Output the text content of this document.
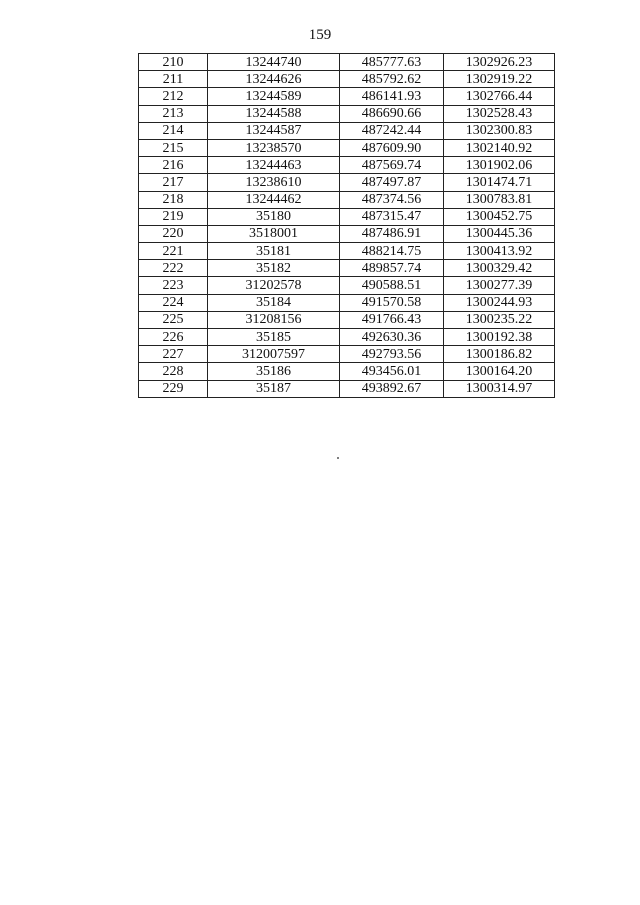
159
210	13244740	485777.63	1302926.23
211	13244626	485792.62	1302919.22
212	13244589	486141.93	1302766.44
213	13244588	486690.66	1302528.43
214	13244587	487242.44	1302300.83
215	13238570	487609.90	1302140.92
216	13244463	487569.74	1301902.06
217	13238610	487497.87	1301474.71
218	13244462	487374.56	1300783.81
219	35180	487315.47	1300452.75
220	3518001	487486.91	1300445.36
221	35181	488214.75	1300413.92
222	35182	489857.74	1300329.42
223	31202578	490588.51	1300277.39
224	35184	491570.58	1300244.93
225	31208156	491766.43	1300235.22
226	35185	492630.36	1300192.38
227	312007597	492793.56	1300186.82
228	35186	493456.01	1300164.20
229	35187	493892.67	1300314.97
